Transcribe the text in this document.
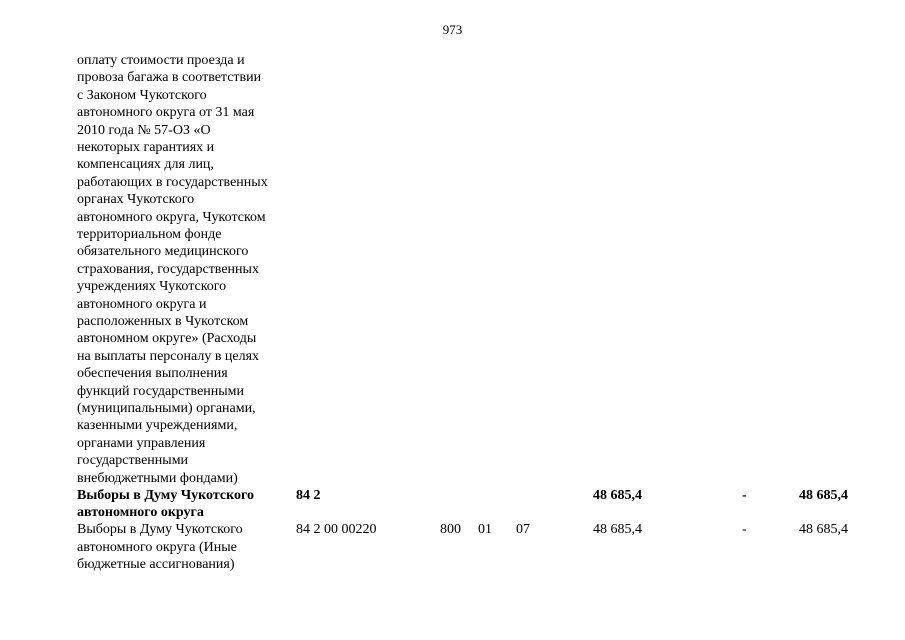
973
оплату стоимости проезда и
провоза багажа в соответствии
с Законом Чукотского
автономного округа от 31 мая
2010 года № 57-ОЗ «О
некоторых гарантиях и
компенсациях для лиц,
работающих в государственных
органах Чукотского
автономного округа, Чукотском
территориальном фонде
обязательного медицинского
страхования, государственных
учреждениях Чукотского
автономного округа и
расположенных в Чукотском
автономном округе» (Расходы
на выплаты персоналу в целях
обеспечения выполнения
функций государственными
(муниципальными) органами,
казенными учреждениями,
органами управления
государственными
внебюджетными фондами)
Выборы в Думу Чукотского
автономного округа
84 2	48 685,4	-	48 685,4
Выборы в Думу Чукотского
автономного округа (Иные
бюджетные ассигнования)
84 2 00 00220	800 01 07	48 685,4	-	48 685,4
